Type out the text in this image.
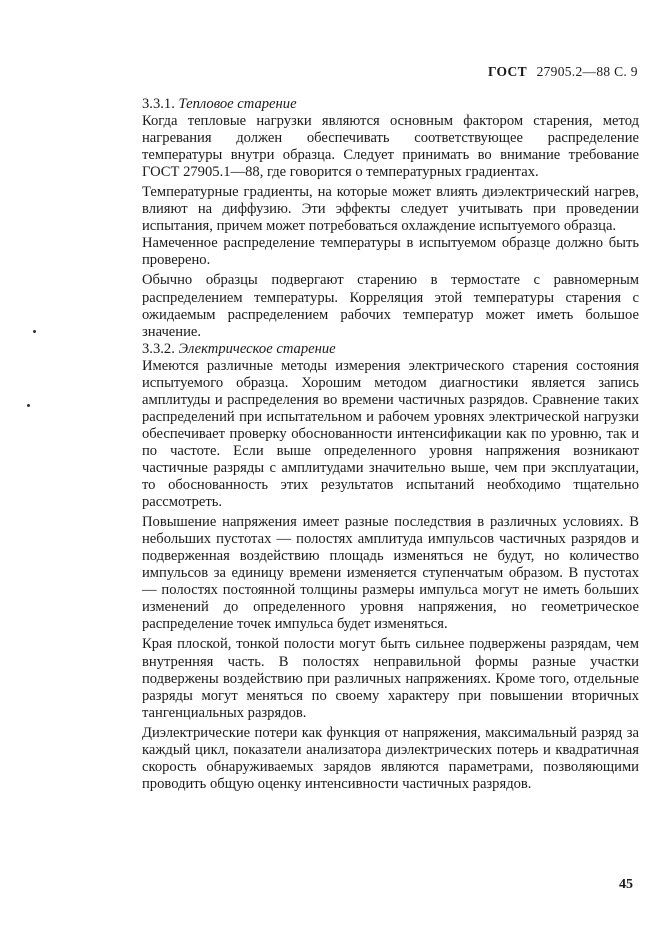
ГОСТ 27905.2—88 С. 9

3.3.1. Тепловое старение

Когда тепловые нагрузки являются основным фактором старения, метод нагревания должен обеспечивать соответствующее распределение температуры внутри образца. Следует принимать во внимание требование ГОСТ 27905.1—88, где говорится о температурных градиентах.

Температурные градиенты, на которые может влиять диэлектрический нагрев, влияют на диффузию. Эти эффекты следует учитывать при проведении испытания, причем может потребоваться охлаждение испытуемого образца.

Намеченное распределение температуры в испытуемом образце должно быть проверено.

Обычно образцы подвергают старению в термостате с равномерным распределением температуры. Корреляция этой температуры старения с ожидаемым распределением рабочих температур может иметь большое значение.

3.3.2. Электрическое старение

Имеются различные методы измерения электрического старения состояния испытуемого образца. Хорошим методом диагностики является запись амплитуды и распределения во времени частичных разрядов. Сравнение таких распределений при испытательном и рабочем уровнях электрической нагрузки обеспечивает проверку обоснованности интенсификации как по уровню, так и по частоте. Если выше определенного уровня напряжения возникают частичные разряды с амплитудами значительно выше, чем при эксплуатации, то обоснованность этих результатов испытаний необходимо тщательно рассмотреть.

Повышение напряжения имеет разные последствия в различных условиях. В небольших пустотах — полостях амплитуда импульсов частичных разрядов и подверженная воздействию площадь изменяться не будут, но количество импульсов за единицу времени изменяется ступенчатым образом. В пустотах — полостях постоянной толщины размеры импульса могут не иметь больших изменений до определенного уровня напряжения, но геометрическое распределение точек импульса будет изменяться.

Края плоской, тонкой полости могут быть сильнее подвержены разрядам, чем внутренняя часть. В полостях неправильной формы разные участки подвержены воздействию при различных напряжениях. Кроме того, отдельные разряды могут меняться по своему характеру при повышении вторичных тангенциальных разрядов.

Диэлектрические потери как функция от напряжения, максимальный разряд за каждый цикл, показатели анализатора диэлектрических потерь и квадратичная скорость обнаруживаемых зарядов являются параметрами, позволяющими проводить общую оценку интенсивности частичных разрядов.

45
